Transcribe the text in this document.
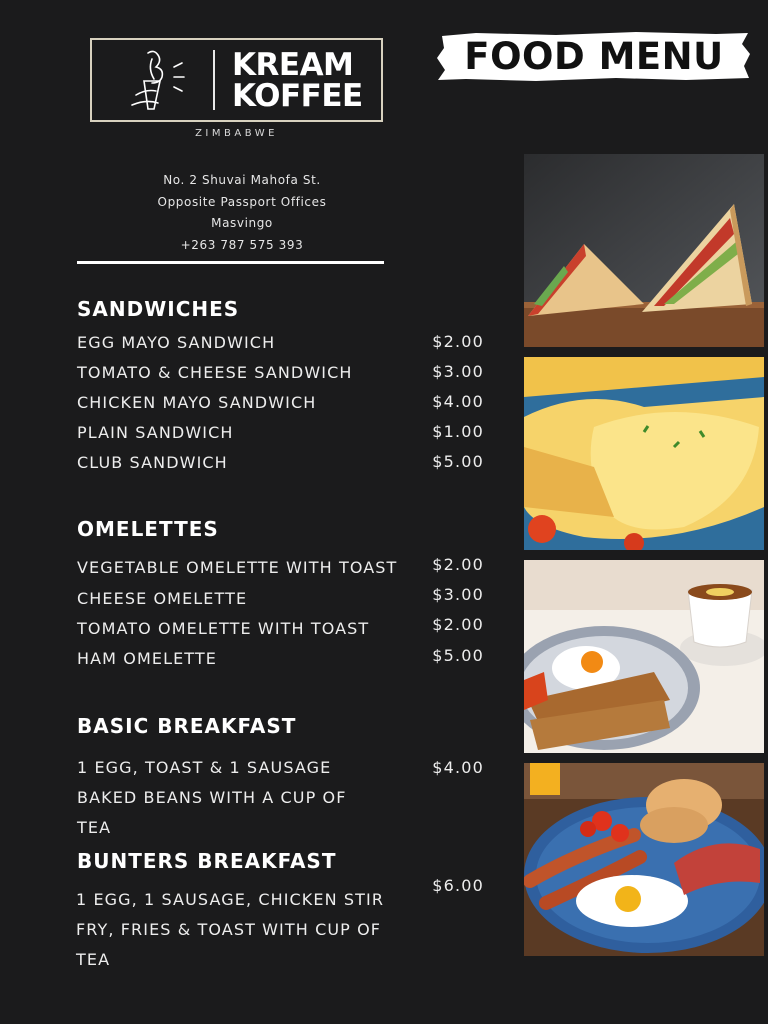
KREAM
KOFFEE
ZIMBABWE
FOOD MENU
No. 2 Shuvai Mahofa St.
Opposite Passport Offices
Masvingo
+263 787 575 393
SANDWICHES
EGG MAYO SANDWICH	$2.00
TOMATO & CHEESE SANDWICH	$3.00
CHICKEN MAYO SANDWICH	$4.00
PLAIN SANDWICH	$1.00
CLUB SANDWICH	$5.00
OMELETTES
VEGETABLE OMELETTE WITH TOAST $2.00
CHEESE OMELETTE	$3.00
TOMATO OMELETTE WITH TOAST	$2.00
HAM OMELETTE	$5.00
BASIC BREAKFAST
1 EGG, TOAST & 1 SAUSAGE
BAKED BEANS WITH A CUP OF
TEA
$4.00
BUNTERS BREAKFAST
1 EGG, 1 SAUSAGE, CHICKEN STIR
FRY, FRIES & TOAST WITH CUP OF
TEA
$6.00
